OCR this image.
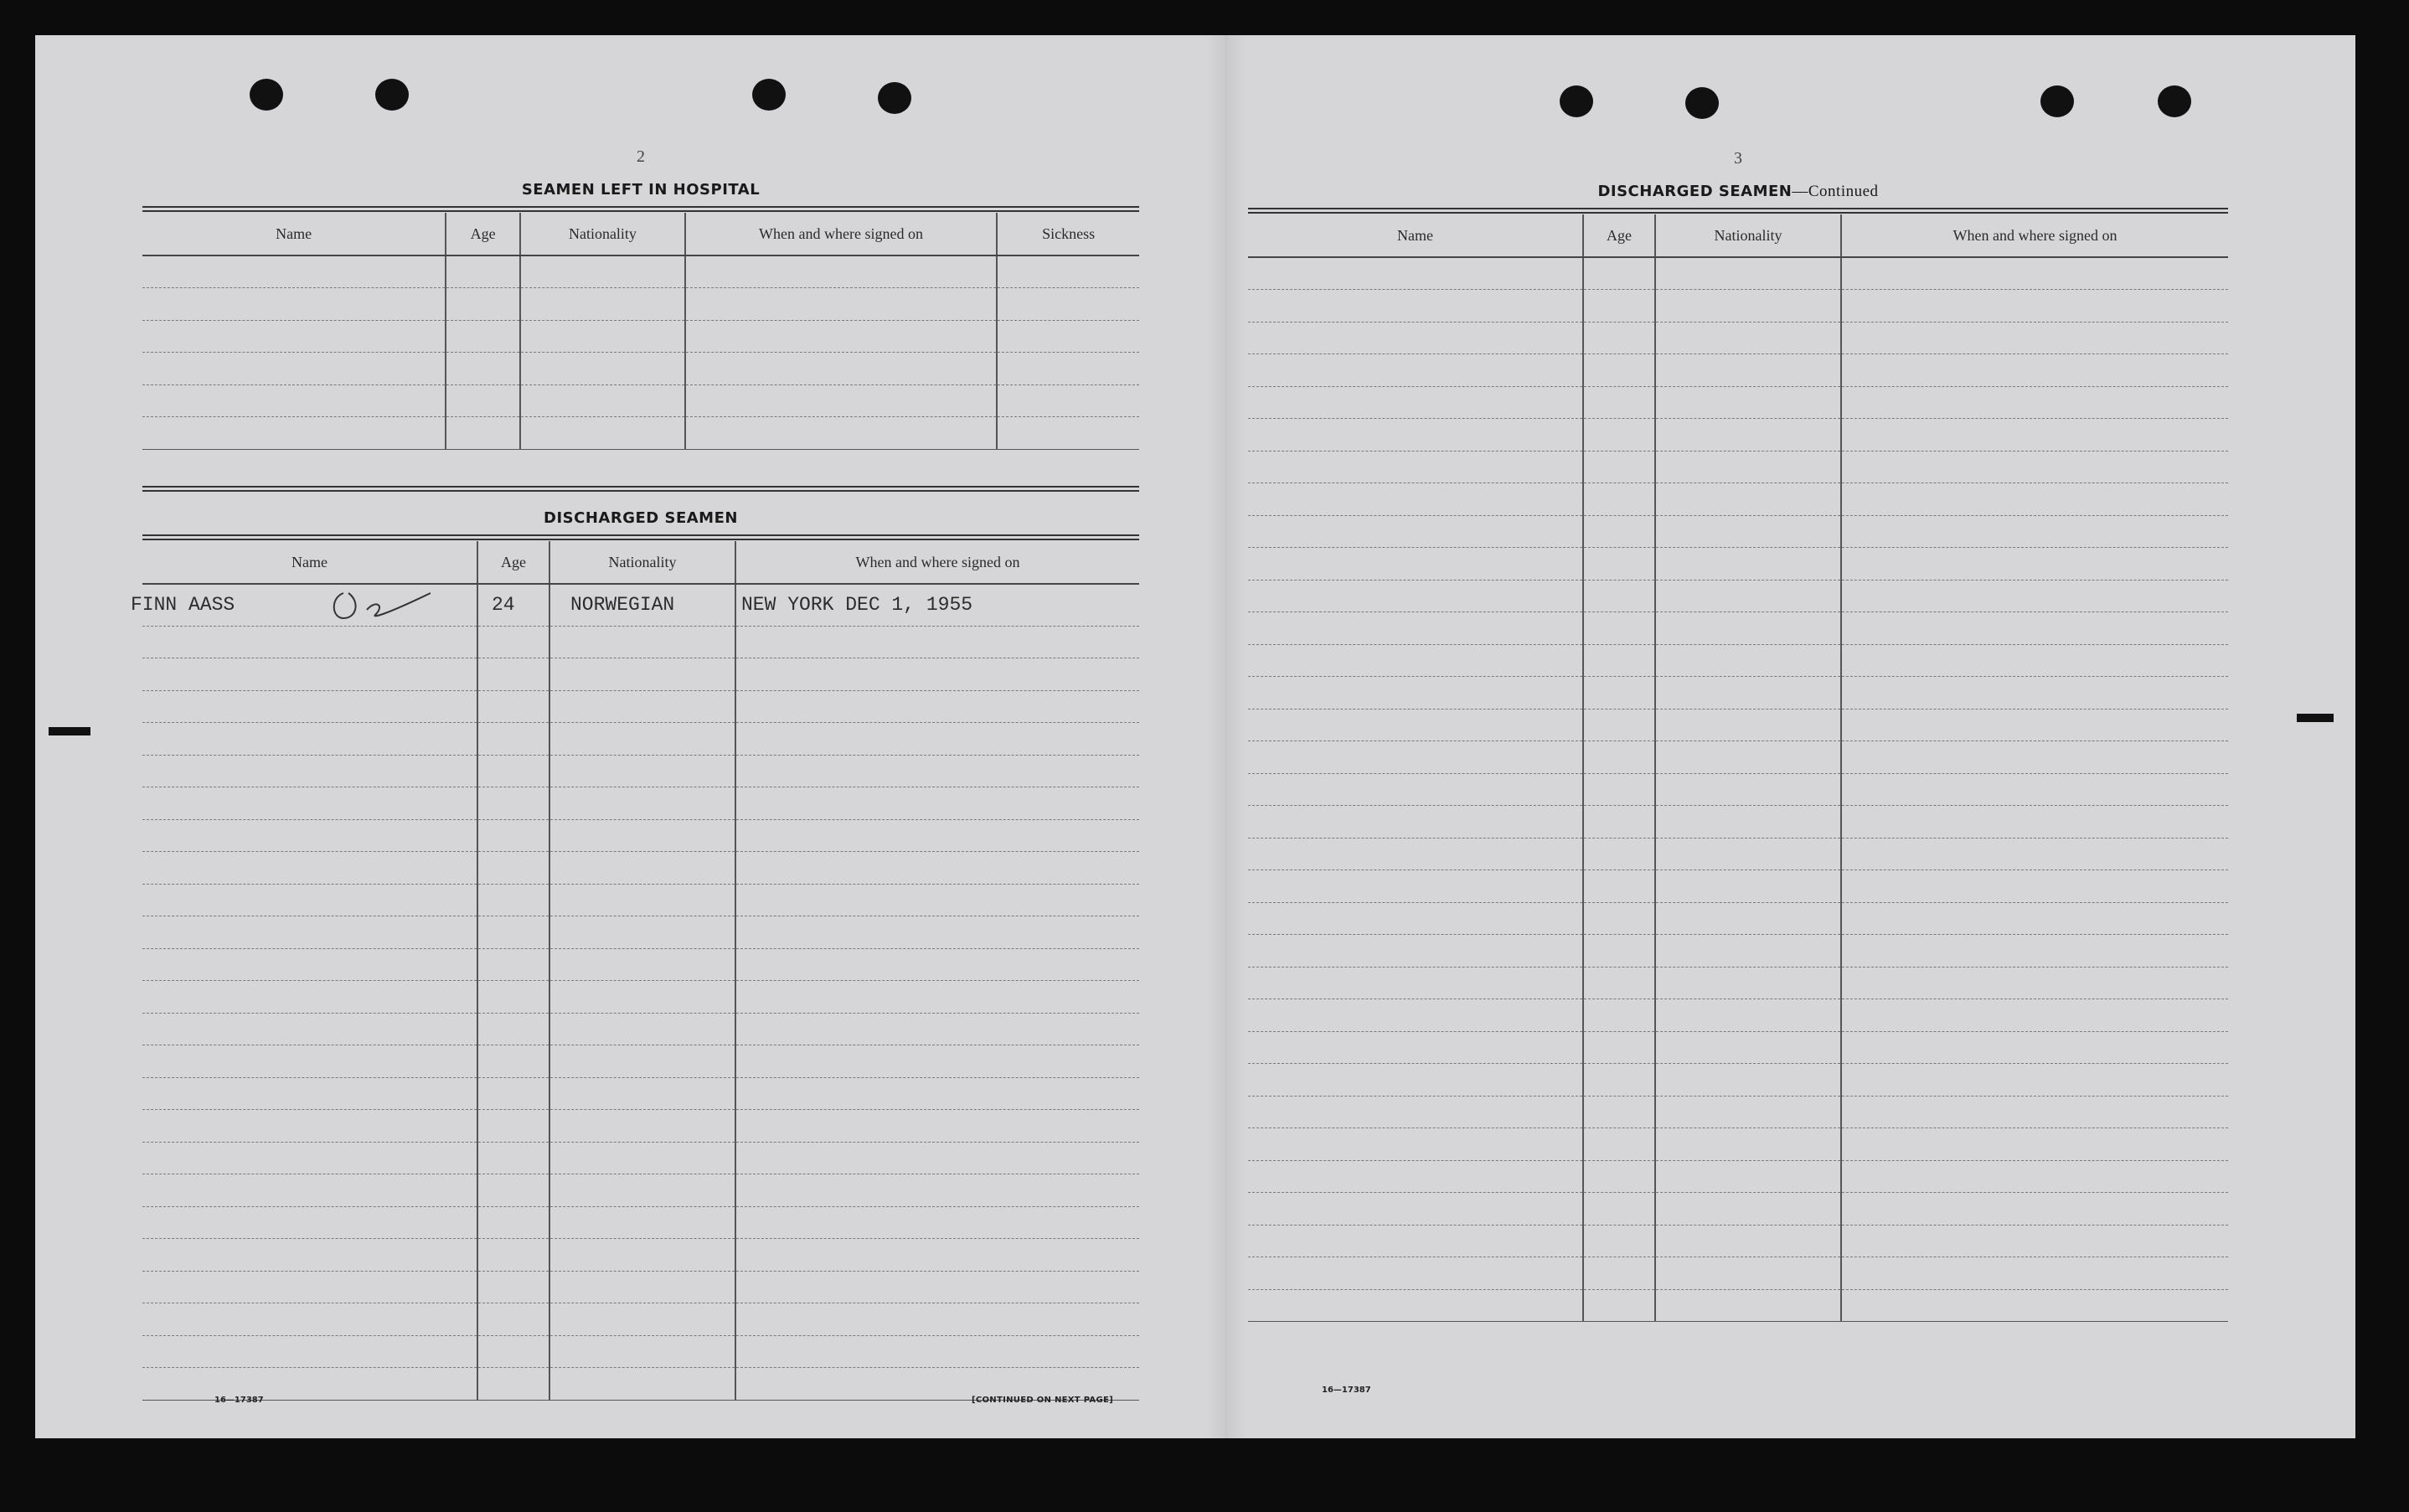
2
SEAMEN LEFT IN HOSPITAL
Name	Age	Nationality	When and where signed on	Sickness

DISCHARGED SEAMEN
Name	Age	Nationality	When and where signed on
FINN AASS	24	NORWEGIAN	NEW YORK DEC 1, 1955

16—17387	[CONTINUED ON NEXT PAGE]
3
DISCHARGED SEAMEN—Continued
Name	Age	Nationality	When and where signed on

16—17387
